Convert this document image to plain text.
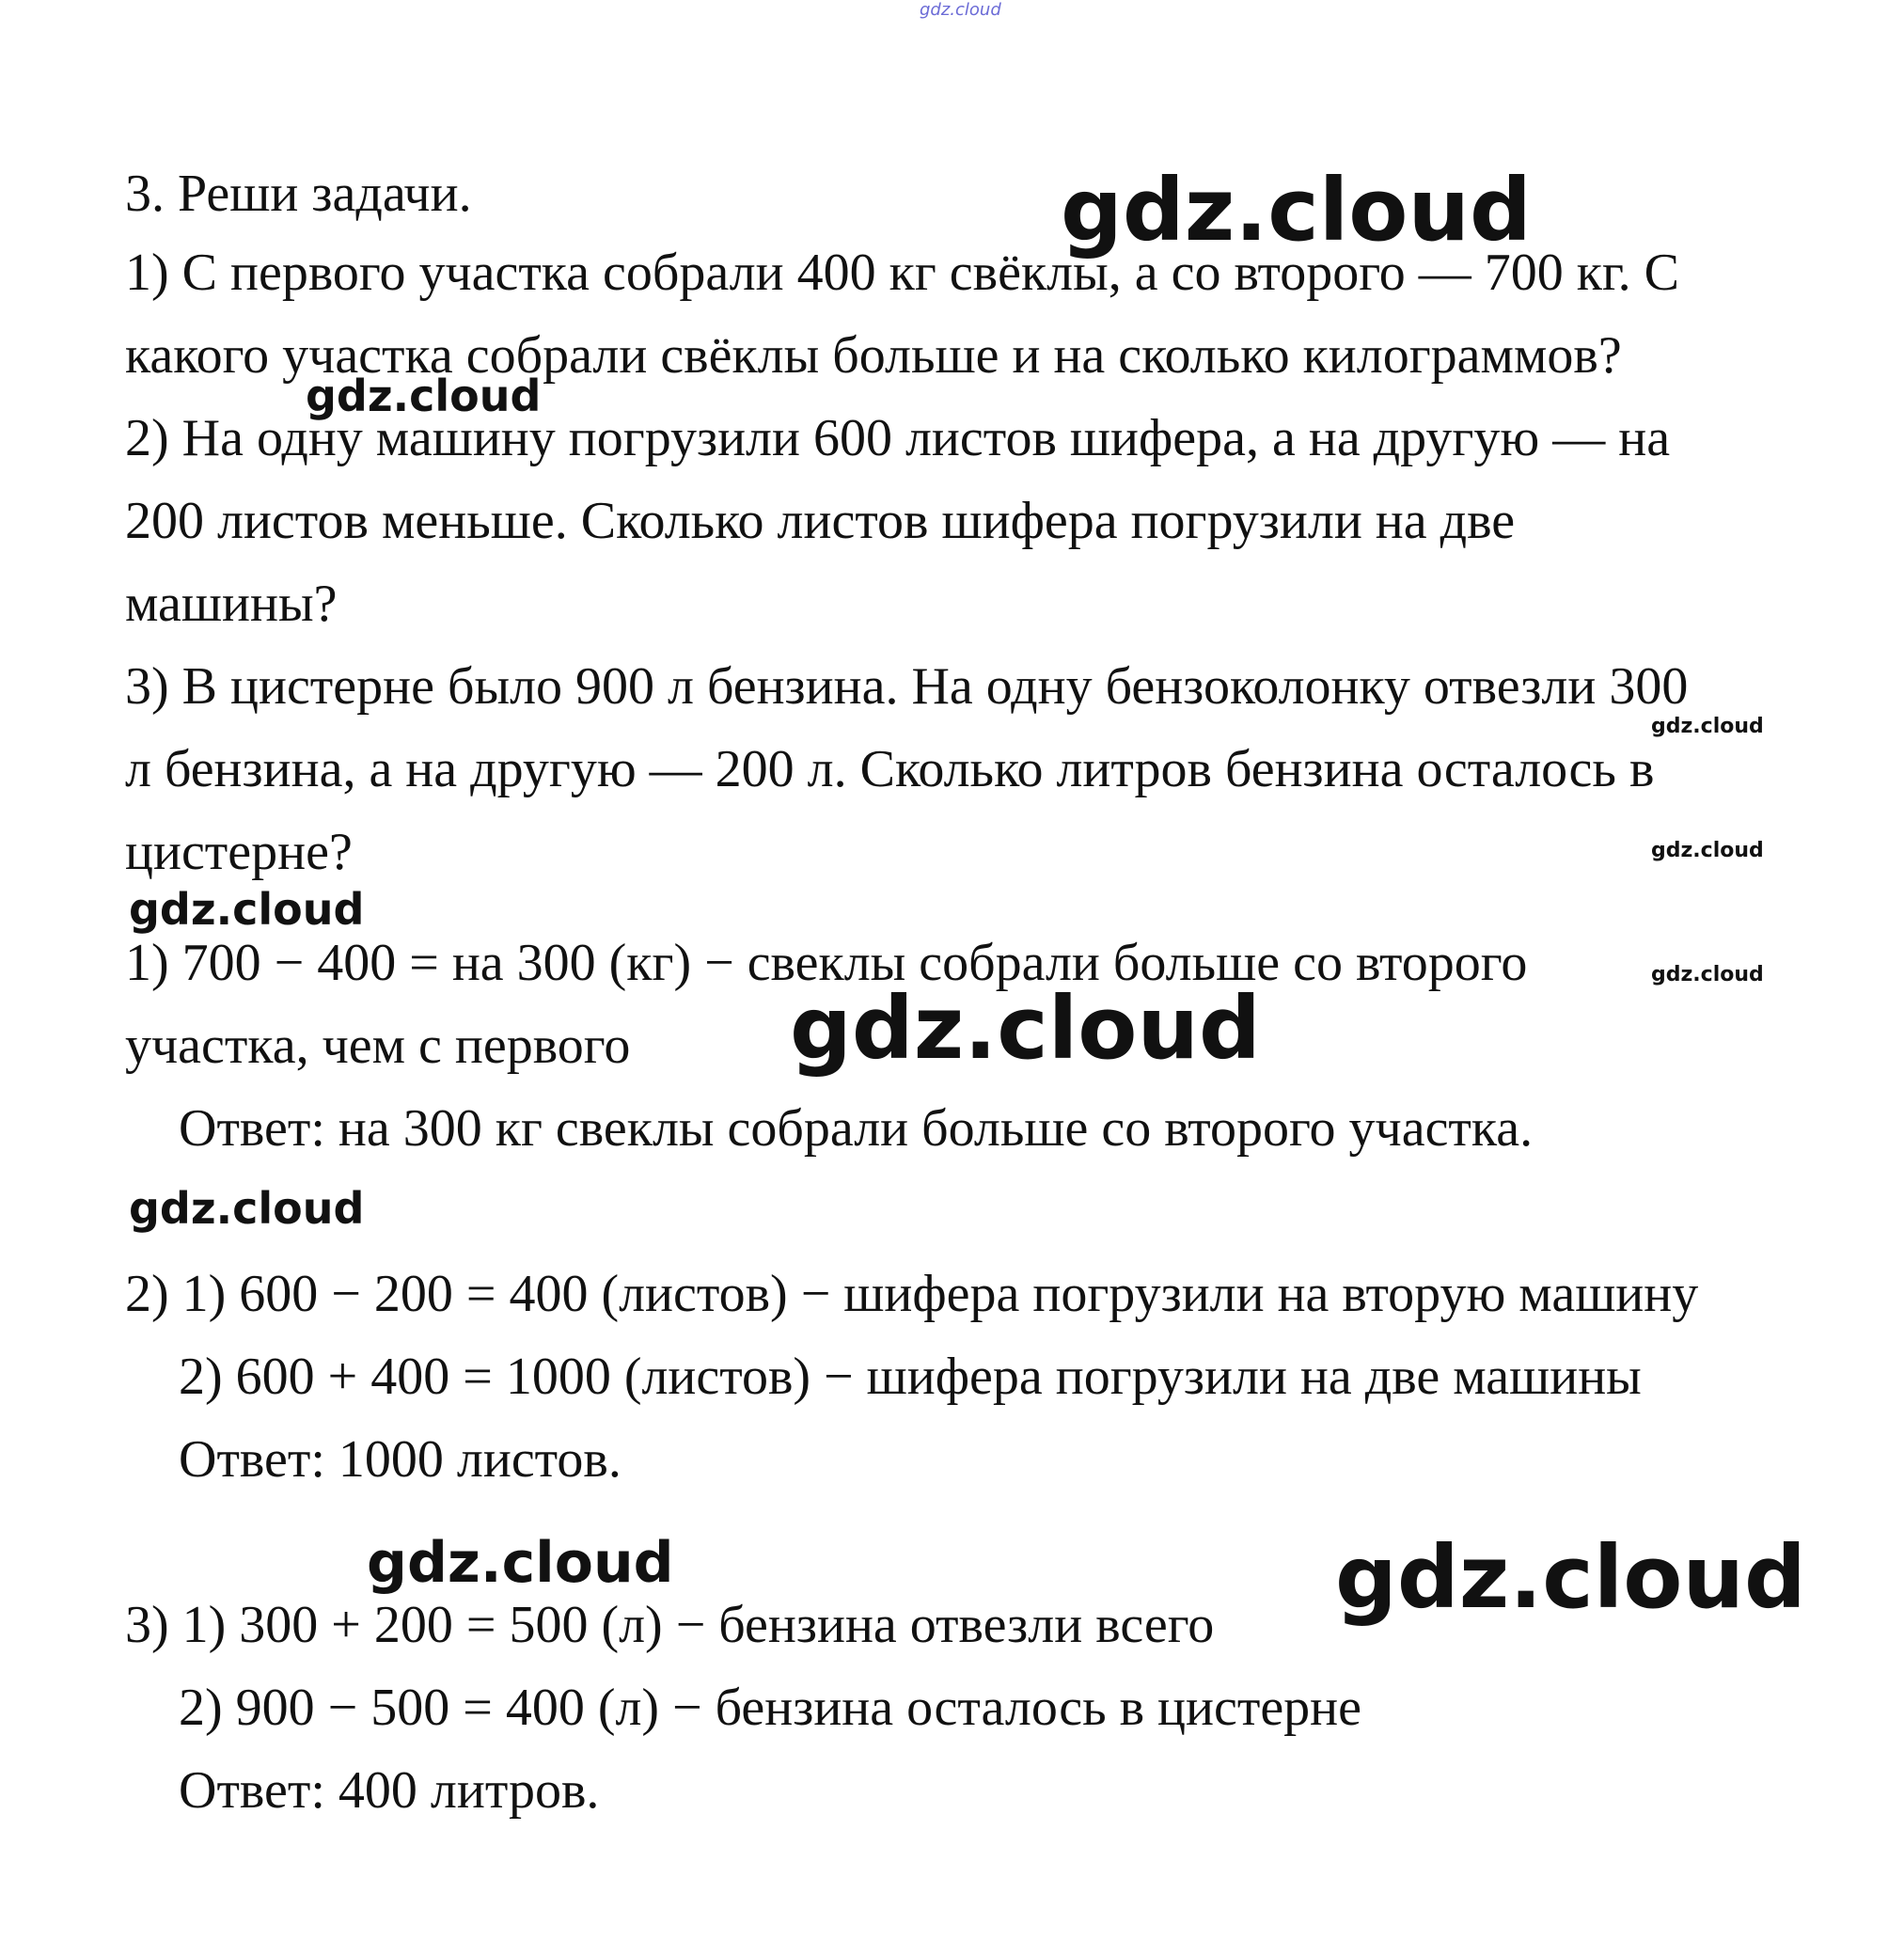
gdz.cloud
3. Реши задачи.
1) С первого участка собрали 400 кг свёклы, а со второго — 700 кг. С
какого участка собрали свёклы больше и на сколько килограммов?
2) На одну машину погрузили 600 листов шифера, а на другую — на
200 листов меньше. Сколько листов шифера погрузили на две
машины?
3) В цистерне было 900 л бензина. На одну бензоколонку отвезли 300
л бензина, а на другую — 200 л. Сколько литров бензина осталось в
цистерне?
1) 700 − 400 = на 300 (кг) − свеклы собрали больше со второго
участка, чем с первого
Ответ: на 300 кг свеклы собрали больше со второго участка.
2) 1) 600 − 200 = 400 (листов) − шифера погрузили на вторую машину
2) 600 + 400 = 1000 (листов) − шифера погрузили на две машины
Ответ: 1000 листов.
3) 1) 300 + 200 = 500 (л) − бензина отвезли всего
2) 900 − 500 = 400 (л) − бензина осталось в цистерне
Ответ: 400 литров.
gdz.cloud
gdz.cloud
gdz.cloud
gdz.cloud
gdz.cloud
gdz.cloud
gdz.cloud
gdz.cloud
gdz.cloud	gdz.cloud
